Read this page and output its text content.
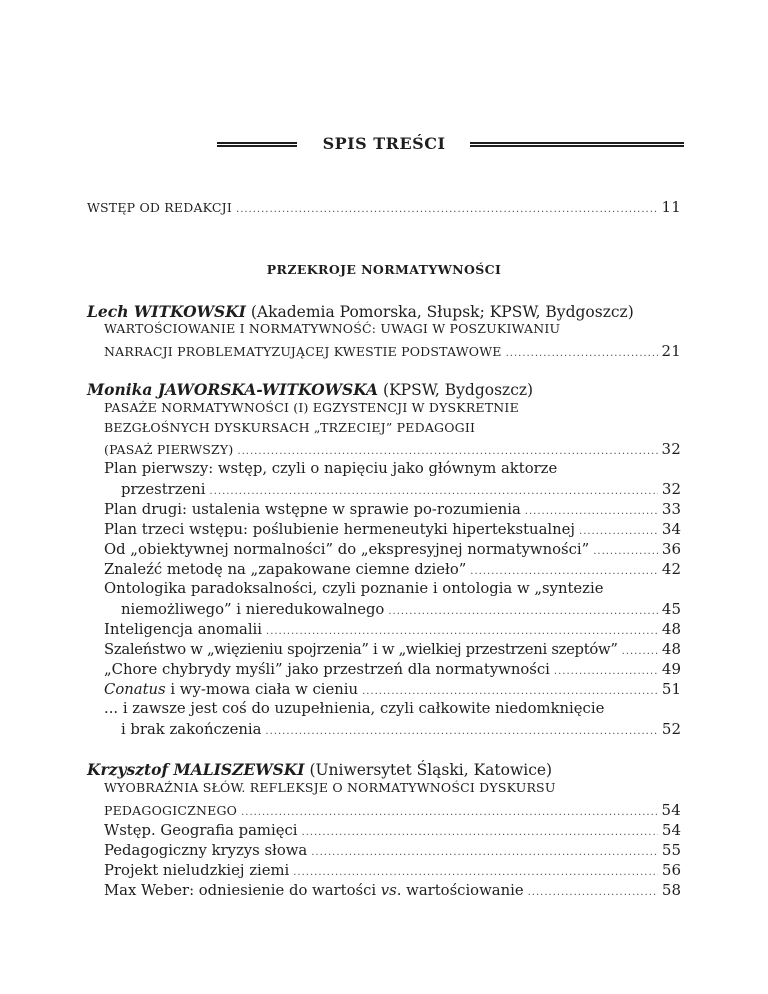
SPIS TREŚCI
WSTĘP OD REDAKCJI .....	11
PRZEKROJE NORMATYWNOŚCI
Lech WITKOWSKI (Akademia Pomorska, Słupsk; KPSW, Bydgoszcz)
WARTOŚCIOWANIE I NORMATYWNOŚĆ: UWAGI W POSZUKIWANIU
NARRACJI PROBLEMATYZUJĄCEJ KWESTIE PODSTAWOWE .....	21
Monika JAWORSKA-WITKOWSKA (KPSW, Bydgoszcz)
PASAŻE NORMATYWNOŚCI (I) EGZYSTENCJI W DYSKRETNIE
BEZGŁOŚNYCH DYSKURSACH „TRZECIEJ” PEDAGOGII
(PASAŻ PIERWSZY) .....	32
Plan pierwszy: wstęp, czyli o napięciu jako głównym aktorze
przestrzeni .....	32
Plan drugi: ustalenia wstępne w sprawie po-rozumienia .....	33
Plan trzeci wstępu: poślubienie hermeneutyki hipertekstualnej .....	34
Od „obiektywnej normalności” do „ekspresyjnej normatywności” .....	36
Znaleźć metodę na „zapakowane ciemne dzieło” .....	42
Ontologika paradoksalności, czyli poznanie i ontologia w „syntezie
niemożliwego” i nieredukowalnego .....	45
Inteligencja anomalii .....	48
Szaleństwo w „więzieniu spojrzenia” i w „wielkiej przestrzeni szeptów” .....	48
„Chore chybrydy myśli” jako przestrzeń dla normatywności .....	49
Conatus i wy-mowa ciała w cieniu .....	51
... i zawsze jest coś do uzupełnienia, czyli całkowite niedomknięcie
i brak zakończenia .....	52
Krzysztof MALISZEWSKI (Uniwersytet Śląski, Katowice)
WYOBRAŹNIA SŁÓW. REFLEKSJE O NORMATYWNOŚCI DYSKURSU
PEDAGOGICZNEGO .....	54
Wstęp. Geografia pamięci .....	54
Pedagogiczny kryzys słowa .....	55
Projekt nieludzkiej ziemi .....	56
Max Weber: odniesienie do wartości vs. wartościowanie .....	58
